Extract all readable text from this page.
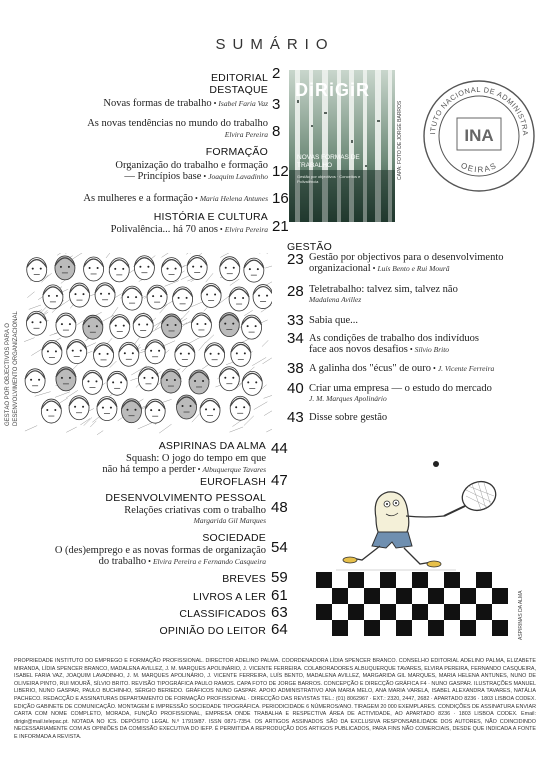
SUMÁRIO
EDITORIAL 2
DESTAQUE
Novas formas de trabalho • Isabel Faria Vaz 3
As novas tendências no mundo do trabalho
Elvira Pereira 8
FORMAÇÃO
Organização do trabalho e formação
— Princípios base • Joaquim Lavadinho 12
As mulheres e a formação • Maria Helena Antunes 16
HISTÓRIA E CULTURA
Polivalência... há 70 anos • Elvira Pereira 21
DiRiGiR
NOVAS FORMAS DE TRABALHO
Gestão por objectivos · Conceitos e Polivalência
CAPA: FOTO DE JORGE BARROS	ITUTO NACIONAL DE ADMINISTRA
OEIRAS
INA
GESTÃO
23 Gestão por objectivos para o desenvolvimento
organizacional • Luís Bento e Rui Mourã
28 Teletrabalho: talvez sim, talvez não
Madalena Avillez
33 Sabia que...
34 As condições de trabalho dos indivíduos
face aos novos desafios • Sílvio Brito
38 A galinha dos "écus" de ouro • J. Vicente Ferreira
40 Criar uma empresa — o estudo do mercado
J. M. Marques Apolinário
43 Disse sobre gestão
GESTÃO POR OBJECTIVOS PARA O DESENVOLVIMENTO ORGANIZACIONAL
ASPIRINAS DA ALMA
Squash: O jogo do tempo em que
não há tempo a perder • Albuquerque Tavares
44
EUROFLASH 47
DESENVOLVIMENTO PESSOAL
Relações criativas com o trabalho
Margarida Gil Marques
48
SOCIEDADE
O (des)emprego e as novas formas de organização
do trabalho • Elvira Pereira e Fernando Casqueira
54
BREVES 59
LIVROS A LER 61
CLASSIFICADOS 63
OPINIÃO DO LEITOR 64	ASPIRINAS DA ALMA
PROPRIEDADE INSTITUTO DO EMPREGO E FORMAÇÃO PROFISSIONAL. DIRECTOR ADELINO PALMA. COORDENADORA LÍDIA SPENCER BRANCO. CONSELHO EDITORIAL ADELINO PALMA, ELIZABETE MIRANDA, LÍDIA SPENCER BRANCO, MADALENA AVILLEZ, J. M. MARQUES APOLINÁRIO, J. VICENTE FERREIRA. COLABORADORES ALBUQUERQUE TAVARES, ELVIRA PEREIRA, FERNANDO CASQUEIRA, ISABEL FARIA VAZ, JOAQUIM LAVADINHO, J. M. MARQUES APOLINÁRIO, J. VICENTE FERREIRA, LUÍS BENTO, MADALENA AVILLEZ, MARGARIDA GIL MARQUES, MARIA HELENA ANTUNES, NUNO DE OLIVEIRA PINTO, RUI MOURÃ, SÍLVIO BRITO. REVISÃO TIPOGRÁFICA PAULO RAMOS. CAPA FOTO DE JORGE BARROS. CONCEPÇÃO E DIRECÇÃO GRÁFICA F4 · NUNO GASPAR. ILUSTRAÇÕES MANUEL LIBERIO, NUNO GASPAR, PAULO BUCHINHO, SÉRGIO BERIEDO. GRÁFICOS NUNO GASPAR. APOIO ADMINISTRATIVO ANA MARIA MELO, ANA MARIA VARELA, ISABEL ALEXANDRA TAVARES, NATÁLIA PACHECO. REDACÇÃO E ASSINATURAS DEPARTAMENTO DE FORMAÇÃO PROFISSIONAL · DIRECÇÃO DAS REVISTAS TEL.: (01) 8062967 · EXT.: 2320, 2447, 2682 · APARTADO 8236 · 1803 LISBOA CODEX. EDIÇÃO GABINETE DE COMUNICAÇÃO. MONTAGEM E IMPRESSÃO SOCIEDADE TIPOGRÁFICA. PERIODICIDADE 6 NÚMEROS/ANO. TIRAGEM 20 000 EXEMPLARES. CONDIÇÕES DE ASSINATURA ENVIAR CARTA COM NOME COMPLETO, MORADA, FUNÇÃO PROFISSIONAL, EMPRESA ONDE TRABALHA E RESPECTIVA ÁREA DE ACTIVIDADE, AO APARTADO 8236 · 1803 LISBOA CODEX. Email: dirigir@mail.telepac.pt. NOTADA NO ICS. DEPÓSITO LEGAL N.º 17919/87. ISSN 0871-7354. OS ARTIGOS ASSINADOS SÃO DA EXCLUSIVA RESPONSABILIDADE DOS AUTORES, NÃO COINCIDINDO NECESSARIAMENTE COM AS OPINIÕES DA COMISSÃO EXECUTIVA DO IEFP. É PERMITIDA A REPRODUÇÃO DOS ARTIGOS PUBLICADOS, PARA FINS NÃO COMERCIAIS, DESDE QUE INDICADA A FONTE E INFORMADA A REVISTA.
